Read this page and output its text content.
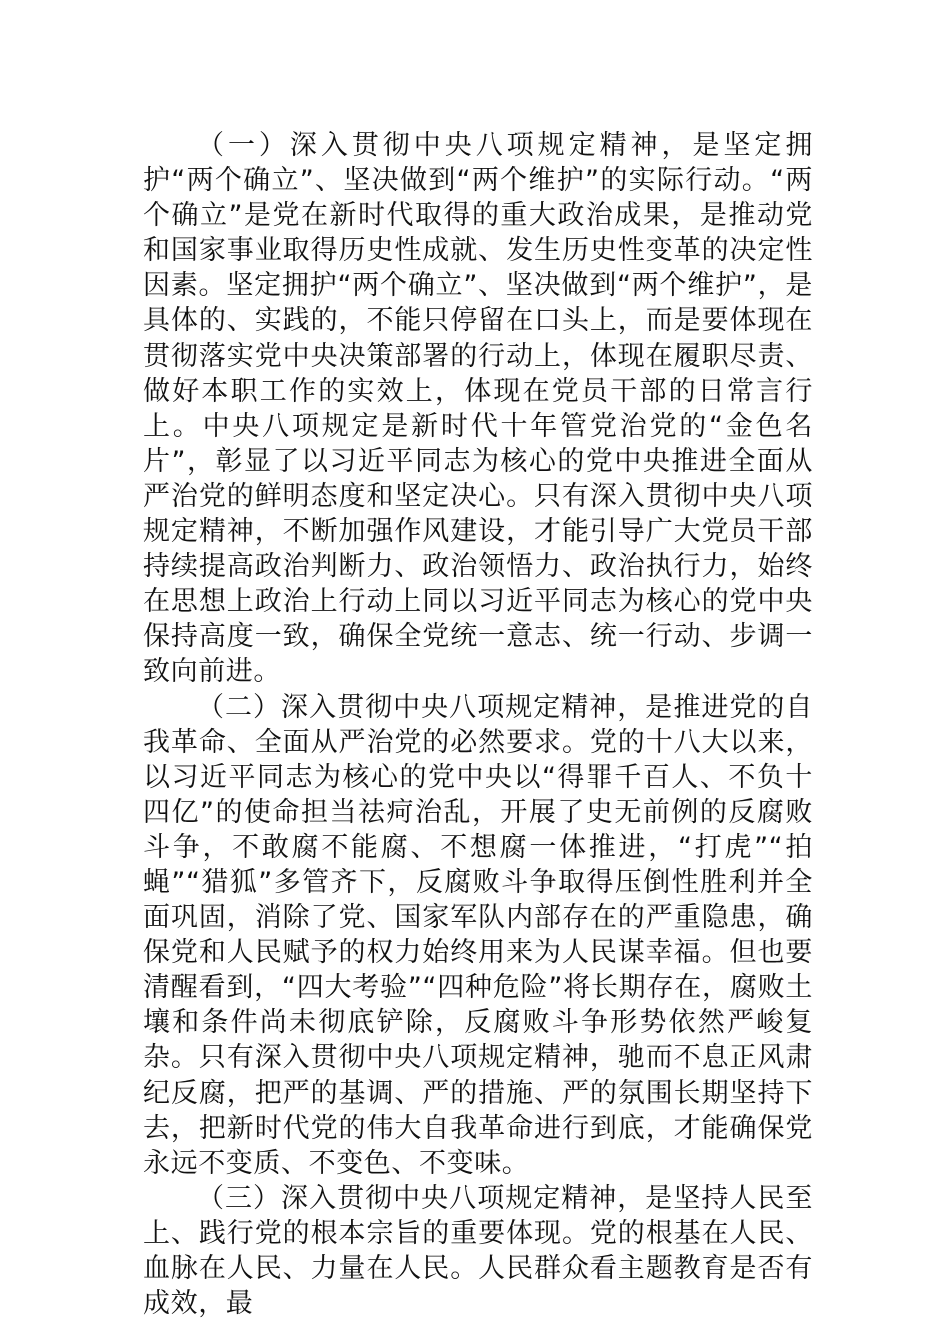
（一）深入贯彻中央八项规定精神，是坚定拥护“两个确立”、坚决做到“两个维护”的实际行动。“两个确立”是党在新时代取得的重大政治成果，是推动党和国家事业取得历史性成就、发生历史性变革的决定性因素。坚定拥护“两个确立”、坚决做到“两个维护”，是具体的、实践的，不能只停留在口头上，而是要体现在贯彻落实党中央决策部署的行动上，体现在履职尽责、做好本职工作的实效上，体现在党员干部的日常言行上。中央八项规定是新时代十年管党治党的“金色名片”，彰显了以习近平同志为核心的党中央推进全面从严治党的鲜明态度和坚定决心。只有深入贯彻中央八项规定精神，不断加强作风建设，才能引导广大党员干部持续提高政治判断力、政治领悟力、政治执行力，始终在思想上政治上行动上同以习近平同志为核心的党中央保持高度一致，确保全党统一意志、统一行动、步调一致向前进。

（二）深入贯彻中央八项规定精神，是推进党的自我革命、全面从严治党的必然要求。党的十八大以来，以习近平同志为核心的党中央以“得罪千百人、不负十四亿”的使命担当祛疴治乱，开展了史无前例的反腐败斗争，不敢腐不能腐、不想腐一体推进，“打虎”“拍蝇”“猎狐”多管齐下，反腐败斗争取得压倒性胜利并全面巩固，消除了党、国家军队内部存在的严重隐患，确保党和人民赋予的权力始终用来为人民谋幸福。但也要清醒看到，“四大考验”“四种危险”将长期存在，腐败土壤和条件尚未彻底铲除，反腐败斗争形势依然严峻复杂。只有深入贯彻中央八项规定精神，驰而不息正风肃纪反腐，把严的基调、严的措施、严的氛围长期坚持下去，把新时代党的伟大自我革命进行到底，才能确保党永远不变质、不变色、不变味。

（三）深入贯彻中央八项规定精神，是坚持人民至上、践行党的根本宗旨的重要体现。党的根基在人民、血脉在人民、力量在人民。人民群众看主题教育是否有成效，最
